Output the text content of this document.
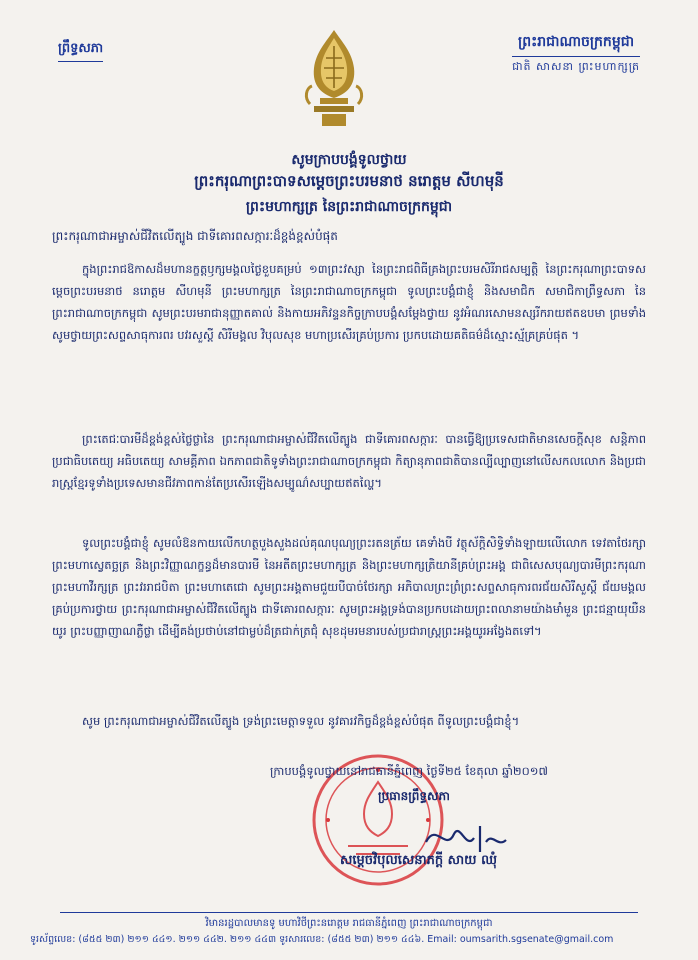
ព្រឹទ្ធសភា	ព្រះរាជាណាចក្រកម្ពុជា
ជាតិ សាសនា ព្រះមហាក្សត្រ
សូមក្រាបបង្គំទូលថ្វាយ
ព្រះករុណាព្រះបាទសម្តេចព្រះបរមនាថ នរោត្តម សីហមុនី
ព្រះមហាក្សត្រ នៃព្រះរាជាណាចក្រកម្ពុជា
ព្រះករុណាជាអម្ចាស់ជីវិតលើត្បូង ជាទីគោរពសក្ការៈដ៏ខ្ពង់ខ្ពស់បំផុត
ក្នុងព្រះរាជឱកាសដ៏មហានក្ខត្តឫក្សមង្គលថ្ងៃខួបគម្រប់ ១៣ព្រះវស្សា នៃព្រះរាជពិធីគ្រងព្រះបរមសិរីរាជសម្បត្តិ នៃព្រះករុណាព្រះបាទសម្តេចព្រះបរមនាថ នរោត្តម សីហមុនី ព្រះមហាក្សត្រ នៃព្រះរាជាណាចក្រកម្ពុជា ទូលព្រះបង្គំជាខ្ញុំ និងសមាជិក សមាជិកាព្រឹទ្ធសភា នៃព្រះរាជាណាចក្រកម្ពុជា សូមព្រះបរមរាជានុញ្ញាតគាល់ និងកាយអភិវន្ទនកិច្ចក្រាបបង្គំសម្តែងថ្វាយ នូវអំណរសោមនស្សរីករាយឥតឧបមា ព្រមទាំងសូមថ្វាយព្រះសព្ទសាធុការពរ បវរសួស្តី សិរីមង្គល វិបុលសុខ មហាប្រសើរគ្រប់ប្រការ ប្រកបដោយគតិធម៌ដ៏ស្មោះស្ម័គ្រគ្រប់ផុត ។
ព្រះតេជៈបារមីដ៏ខ្ពង់ខ្ពស់ថ្លៃថ្លានៃ ព្រះករុណាជាអម្ចាស់ជីវិតលើត្បូង ជាទីគោរពសក្ការៈ បានធ្វើឱ្យប្រទេសជាតិមានសេចក្តីសុខ សន្តិភាព ប្រជាធិបតេយ្យ អធិបតេយ្យ សាមគ្គីភាព ឯកភាពជាតិទូទាំងព្រះរាជាណាចក្រកម្ពុជា កិត្យានុភាពជាតិបានល្បីល្បាញនៅលើសកលលោក និងប្រជារាស្រ្តខ្មែរទូទាំងប្រទេសមានជីវភាពកាន់តែប្រសើរឡើងសម្បូណ៌សប្បាយឥតល្ហៃ។
ទូលព្រះបង្គំជាខ្ញុំ សូមលំឱនកាយលើកហត្ថបួងសួងដល់គុណបុណ្យព្រះរតនត្រ័យ គេទាំងបី វត្ថុស័ក្តិសិទ្ធិទាំងឡាយលើលោក ទេវតាថែរក្សាព្រះមហាស្វេតច្ឆត្រ និងព្រះវិញ្ញាណក្ខន្ធដ៏មានបារមី នៃអតីតព្រះមហាក្សត្រ និងព្រះមហាក្សត្រិយានីគ្រប់ព្រះអង្គ ជាពិសេសបុណ្យបារមីព្រះករុណាព្រះមហាវីរក្សត្រ ព្រះវររាជបិតា ព្រះមហាតេជោ សូមព្រះអង្គតាមជួយបីបាច់ថែរក្សា អភិបាលព្រះព្រំព្រះសព្ទសាធុការពរជ័យសិរីសួស្តី ជ័យមង្គលគ្រប់ប្រការថ្វាយ ព្រះករុណាជាអម្ចាស់ជីវិតលើត្បូង ជាទីគោរពសក្ការៈ សូមព្រះអង្គទ្រង់បានប្រកបដោយព្រះពលានាមយ៉ាងមាំមួន ព្រះជន្មាយុយឺនយូរ ព្រះបញ្ញាញាណភ្លឺថ្លា ដើម្បីគង់ប្រថាប់នៅជាម្លប់ដ៏ត្រជាក់ត្រជុំ សុខដុមរមនារបស់ប្រជារាស្ត្រព្រះអង្គយូរអង្វែងតទៅ។
សូម ព្រះករុណាជាអម្ចាស់ជីវិតលើត្បូង ទ្រង់ព្រះមេត្តាទទួល នូវគារវកិច្ចដ៏ខ្ពង់ខ្ពស់បំផុត ពីទូលព្រះបង្គំជាខ្ញុំ។
ក្រាបបង្គំទូលថ្វាយនៅរាជធានីភ្នំពេញ ថ្ងៃទី២៥ ខែតុលា ឆ្នាំ២០១៧
ប្រធានព្រឹទ្ធសភា
សម្តេចវិបុលសេនាភក្តី សាយ ឈុំ
វិមានរដ្ឋបាលមានទូ មហាវិថីព្រះនរោត្តម រាជធានីភ្នំពេញ ព្រះរាជាណាចក្រកម្ពុជា
ទូរស័ព្ទលេខ: (៨៥៥ ២៣) ២១១ ៤៤១. ២១១ ៤៤២. ២១១ ៤៤៣ ទូរសារលេខ: (៨៥៥ ២៣) ២១១ ៤៤៦. Email: oumsarith.sgsenate@gmail.com
